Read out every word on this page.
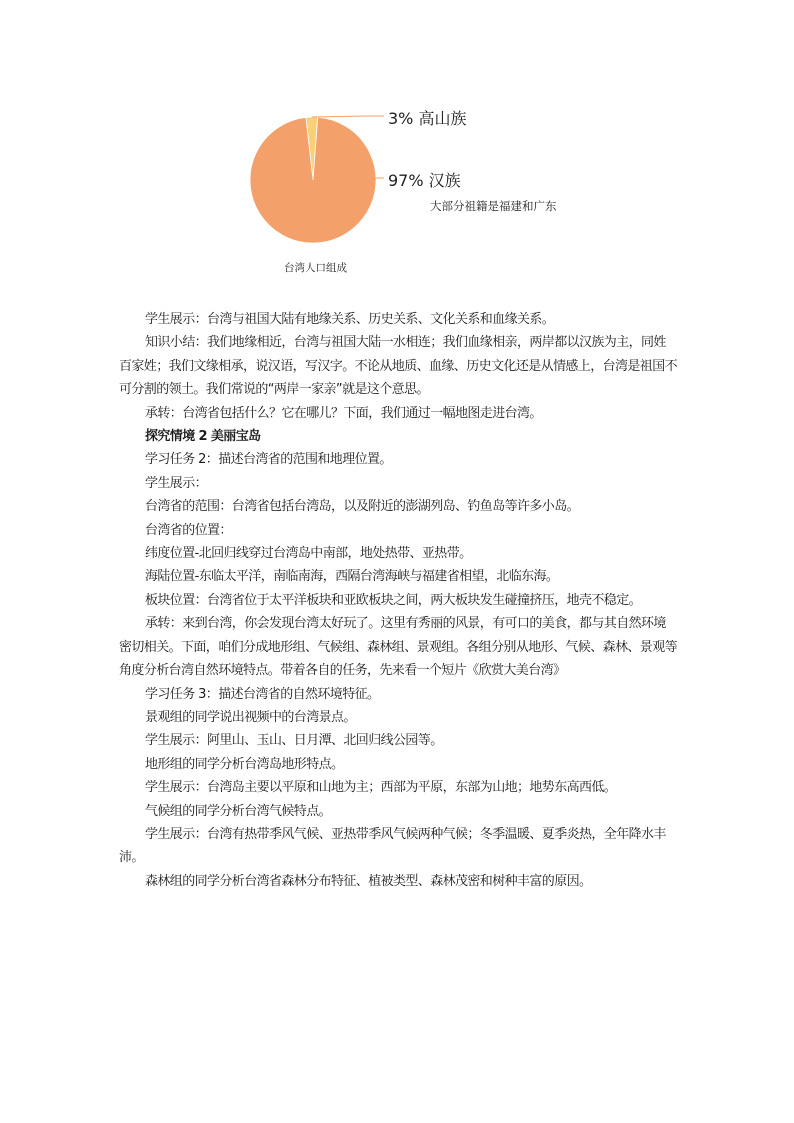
3% 高山族
97% 汉族
大部分祖籍是福建和广东
台湾人口组成

学生展示：台湾与祖国大陆有地缘关系、历史关系、文化关系和血缘关系。

知识小结：我们地缘相近，台湾与祖国大陆一水相连；我们血缘相亲，两岸都以汉族为主，同姓百家姓；我们文缘相承，说汉语，写汉字。不论从地质、血缘、历史文化还是从情感上，台湾是祖国不可分割的领土。我们常说的“两岸一家亲”就是这个意思。

承转：台湾省包括什么？它在哪儿？下面，我们通过一幅地图走进台湾。

探究情境 2 美丽宝岛

学习任务 2：描述台湾省的范围和地理位置。

学生展示：

台湾省的范围：台湾省包括台湾岛，以及附近的澎湖列岛、钓鱼岛等许多小岛。

台湾省的位置：

纬度位置-北回归线穿过台湾岛中南部，地处热带、亚热带。

海陆位置-东临太平洋，南临南海，西隔台湾海峡与福建省相望，北临东海。

板块位置：台湾省位于太平洋板块和亚欧板块之间，两大板块发生碰撞挤压，地壳不稳定。

承转：来到台湾，你会发现台湾太好玩了。这里有秀丽的风景，有可口的美食，都与其自然环境密切相关。下面，咱们分成地形组、气候组、森林组、景观组。各组分别从地形、气候、森林、景观等角度分析台湾自然环境特点。带着各自的任务，先来看一个短片《欣赏大美台湾》

学习任务 3：描述台湾省的自然环境特征。

景观组的同学说出视频中的台湾景点。

学生展示：阿里山、玉山、日月潭、北回归线公园等。

地形组的同学分析台湾岛地形特点。

学生展示：台湾岛主要以平原和山地为主；西部为平原，东部为山地；地势东高西低。

气候组的同学分析台湾气候特点。

学生展示：台湾有热带季风气候、亚热带季风气候两种气候；冬季温暖、夏季炎热，全年降水丰沛。

森林组的同学分析台湾省森林分布特征、植被类型、森林茂密和树种丰富的原因。
